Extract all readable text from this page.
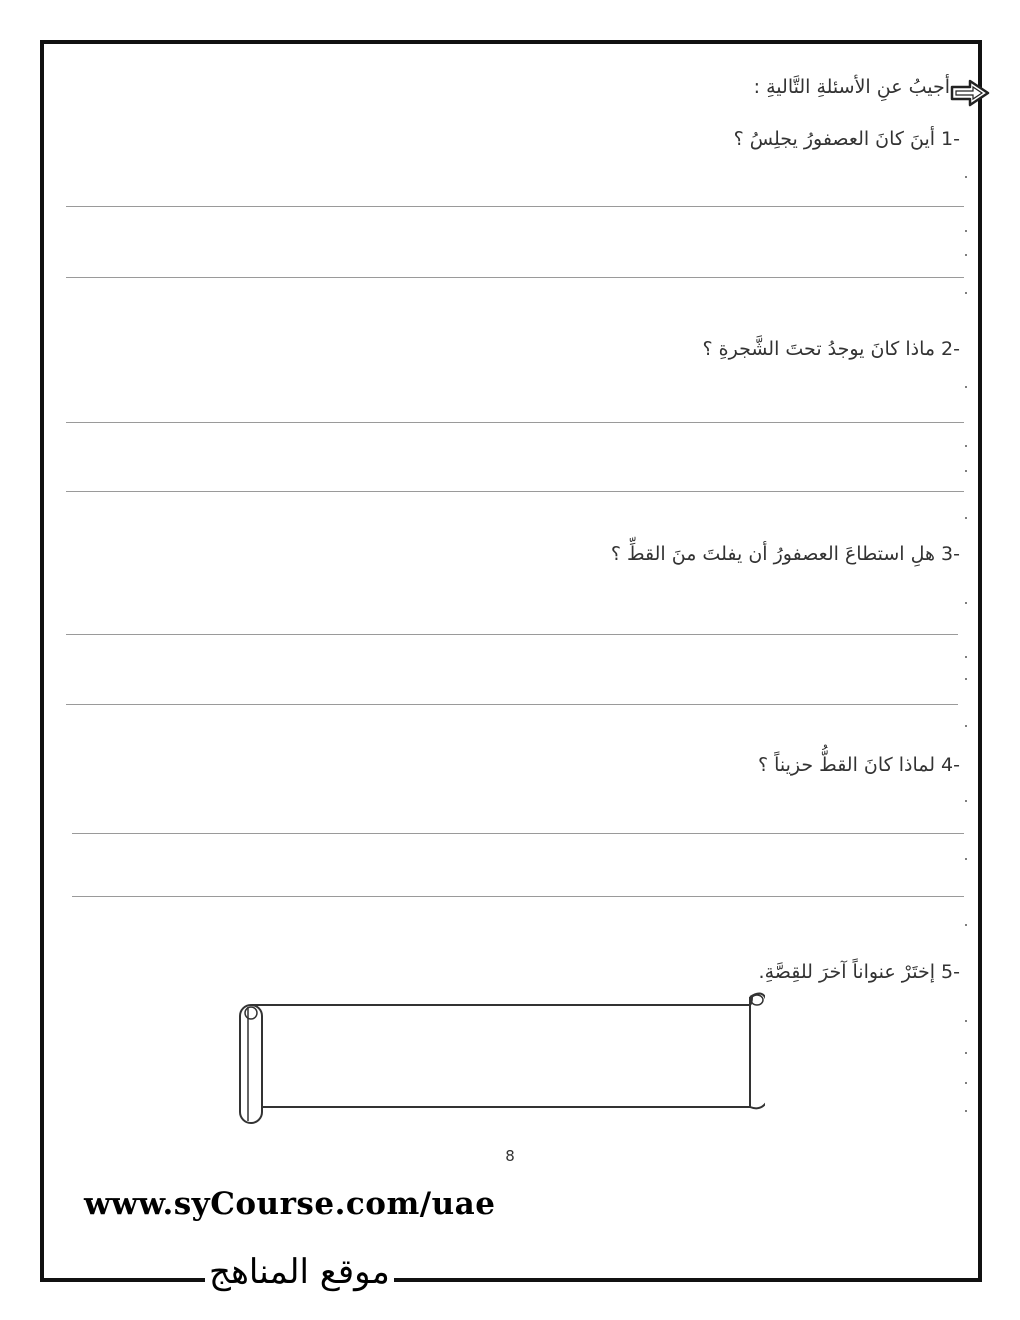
أجيبُ عنِ الأسئلةِ التَّاليةِ :
-1أينَ كانَ العصفورُ يجلِسُ ؟
-2ماذا كانَ يوجدُ تحتَ الشَّجرةِ ؟
-3هلِ استطاعَ العصفورُ أن يفلتَ منَ القطِّ ؟
-4لماذا كانَ القطُّ حزيناً ؟
-5إختَرْ عنواناً آخرَ للقِصَّةِ.
8
www.syCourse.com/uae
موقع المناهج
